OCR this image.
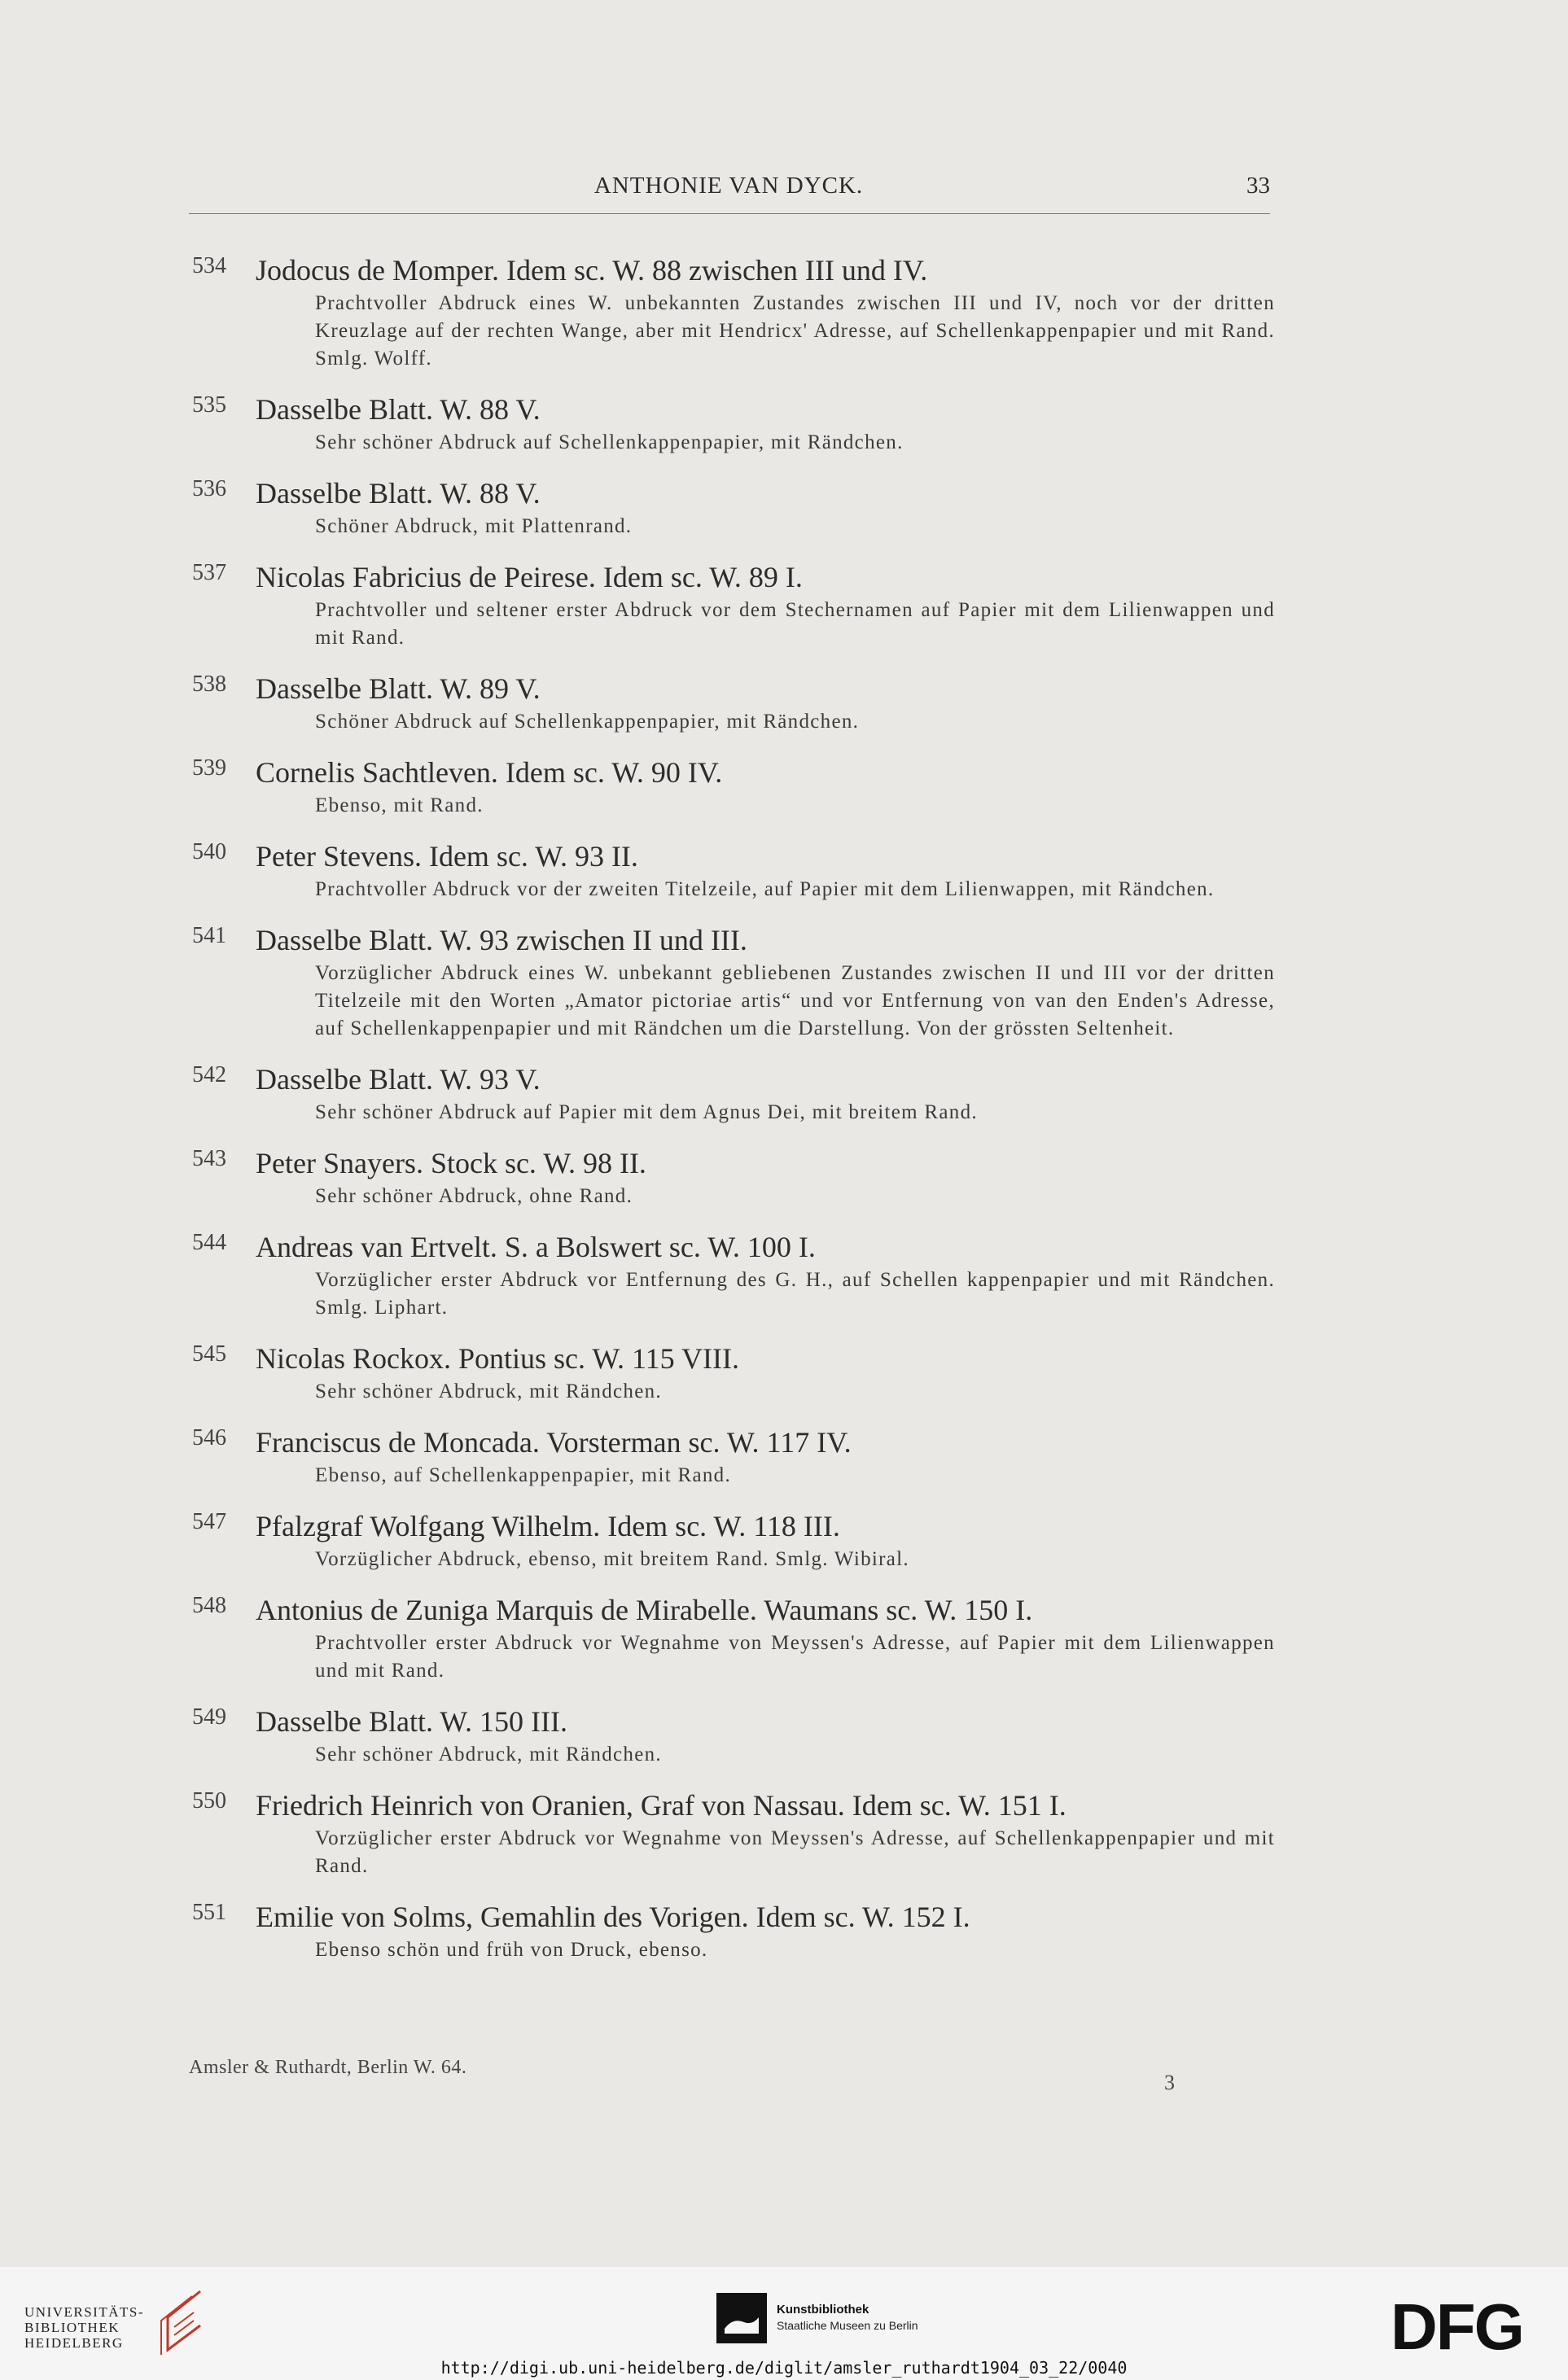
ANTHONIE VAN DYCK.	33
534	Jodocus de Momper. Idem sc. W. 88 zwischen III und IV.
Prachtvoller Abdruck eines W. unbekannten Zustandes zwischen III und IV, noch vor der dritten Kreuzlage auf der rechten Wange, aber mit Hendricx' Adresse, auf Schellenkappenpapier und mit Rand. Smlg. Wolff.
535	Dasselbe Blatt. W. 88 V.
Sehr schöner Abdruck auf Schellenkappenpapier, mit Rändchen.
536	Dasselbe Blatt. W. 88 V.
Schöner Abdruck, mit Plattenrand.
537	Nicolas Fabricius de Peirese. Idem sc. W. 89 I.
Prachtvoller und seltener erster Abdruck vor dem Stechernamen auf Papier mit dem Lilienwappen und mit Rand.
538	Dasselbe Blatt. W. 89 V.
Schöner Abdruck auf Schellenkappenpapier, mit Rändchen.
539	Cornelis Sachtleven. Idem sc. W. 90 IV.
Ebenso, mit Rand.
540	Peter Stevens. Idem sc. W. 93 II.
Prachtvoller Abdruck vor der zweiten Titelzeile, auf Papier mit dem Lilienwappen, mit Rändchen.
541	Dasselbe Blatt. W. 93 zwischen II und III.
Vorzüglicher Abdruck eines W. unbekannt gebliebenen Zustandes zwischen II und III vor der dritten Titelzeile mit den Worten „Amator pictoriae artis“ und vor Entfernung von van den Enden's Adresse, auf Schellenkappenpapier und mit Rändchen um die Darstellung. Von der grössten Seltenheit.
542	Dasselbe Blatt. W. 93 V.
Sehr schöner Abdruck auf Papier mit dem Agnus Dei, mit breitem Rand.
543	Peter Snayers. Stock sc. W. 98 II.
Sehr schöner Abdruck, ohne Rand.
544	Andreas van Ertvelt. S. a Bolswert sc. W. 100 I.
Vorzüglicher erster Abdruck vor Entfernung des G. H., auf Schellen kappenpapier und mit Rändchen. Smlg. Liphart.
545	Nicolas Rockox. Pontius sc. W. 115 VIII.
Sehr schöner Abdruck, mit Rändchen.
546	Franciscus de Moncada. Vorsterman sc. W. 117 IV.
Ebenso, auf Schellenkappenpapier, mit Rand.
547	Pfalzgraf Wolfgang Wilhelm. Idem sc. W. 118 III.
Vorzüglicher Abdruck, ebenso, mit breitem Rand. Smlg. Wibiral.
548	Antonius de Zuniga Marquis de Mirabelle. Waumans sc. W. 150 I.
Prachtvoller erster Abdruck vor Wegnahme von Meyssen's Adresse, auf Papier mit dem Lilienwappen und mit Rand.
549	Dasselbe Blatt. W. 150 III.
Sehr schöner Abdruck, mit Rändchen.
550	Friedrich Heinrich von Oranien, Graf von Nassau. Idem sc. W. 151 I.
Vorzüglicher erster Abdruck vor Wegnahme von Meyssen's Adresse, auf Schellenkappenpapier und mit Rand.
551	Emilie von Solms, Gemahlin des Vorigen. Idem sc. W. 152 I.
Ebenso schön und früh von Druck, ebenso.
Amsler & Ruthardt, Berlin W. 64.
3
UNIVERSITÄTS-
BIBLIOTHEK
HEIDELBERG
Kunstbibliothek
Staatliche Museen zu Berlin	DFG
http://digi.ub.uni-heidelberg.de/diglit/amsler_ruthardt1904_03_22/0040
